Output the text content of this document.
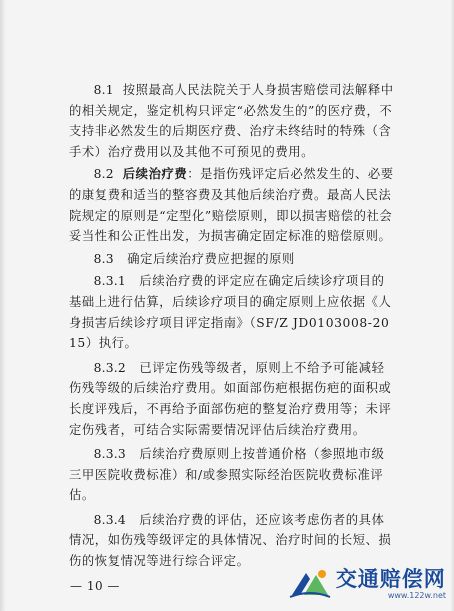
8.1 按照最高人民法院关于人身损害赔偿司法解释中的相关规定，鉴定机构只评定“必然发生的”的医疗费，不支持非必然发生的后期医疗费、治疗未终结时的特殊（含手术）治疗费用以及其他不可预见的费用。

8.2 后续治疗费：是指伤残评定后必然发生的、必要的康复费和适当的整容费及其他后续治疗费。最高人民法院规定的原则是“定型化”赔偿原则，即以损害赔偿的社会妥当性和公正性出发，为损害确定固定标准的赔偿原则。

8.3 确定后续治疗费应把握的原则

8.3.1 后续治疗费的评定应在确定后续诊疗项目的基础上进行估算，后续诊疗项目的确定原则上应依据《人身损害后续诊疗项目评定指南》（SF/Z JD0103008-2015）执行。

8.3.2 已评定伤残等级者，原则上不给予可能减轻伤残等级的后续治疗费用。如面部伤疤根据伤疤的面积或长度评残后，不再给予面部伤疤的整复治疗费用等；未评定伤残者，可结合实际需要情况评估后续治疗费用。

8.3.3 后续治疗费原则上按普通价格（参照地市级三甲医院收费标准）和/或参照实际经治医院收费标准评估。

8.3.4 后续治疗费的评估，还应该考虑伤者的具体情况，如伤残等级评定的具体情况、治疗时间的长短、损伤的恢复情况等进行综合评定。

— 10 —	交通赔偿网
www.122w.net
